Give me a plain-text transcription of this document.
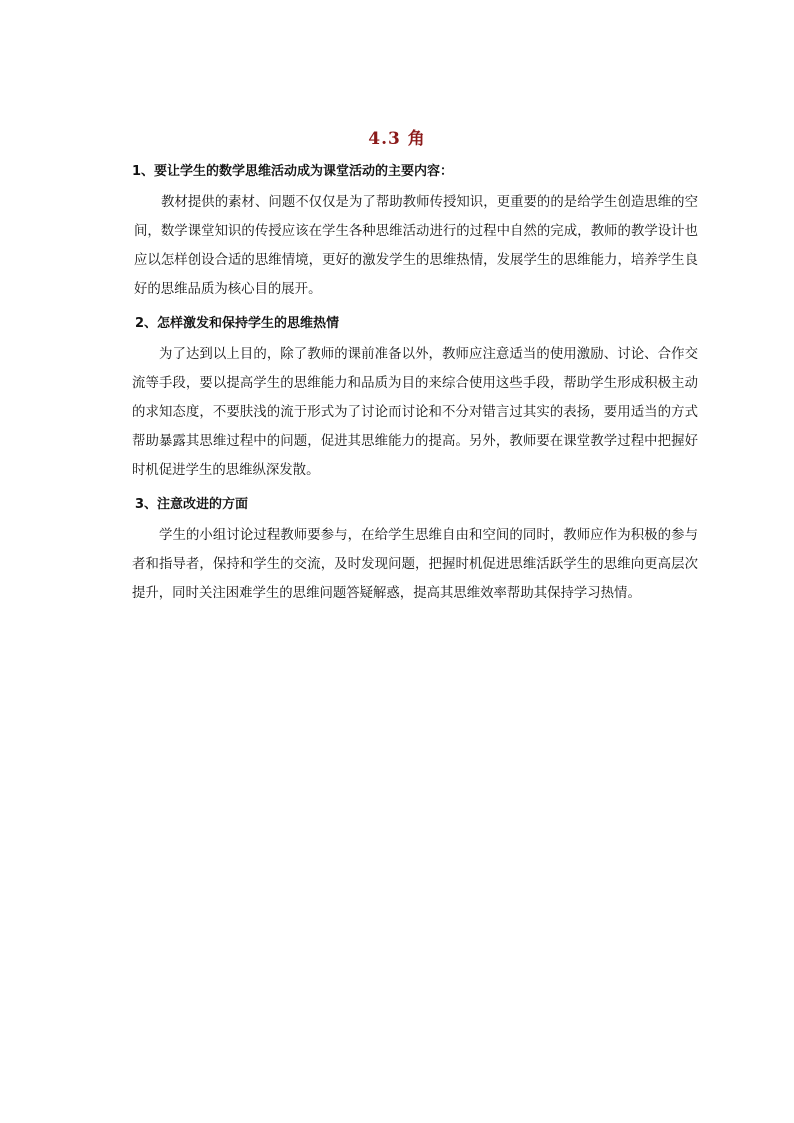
4.3 角
1、要让学生的数学思维活动成为课堂活动的主要内容：

教材提供的素材、问题不仅仅是为了帮助教师传授知识，更重要的的是给学生创造思维的空间，数学课堂知识的传授应该在学生各种思维活动进行的过程中自然的完成，教师的教学设计也应以怎样创设合适的思维情境，更好的激发学生的思维热情，发展学生的思维能力，培养学生良好的思维品质为核心目的展开。

2、怎样激发和保持学生的思维热情

为了达到以上目的，除了教师的课前准备以外，教师应注意适当的使用激励、讨论、合作交流等手段，要以提高学生的思维能力和品质为目的来综合使用这些手段，帮助学生形成积极主动的求知态度，不要肤浅的流于形式为了讨论而讨论和不分对错言过其实的表扬，要用适当的方式帮助暴露其思维过程中的问题，促进其思维能力的提高。另外，教师要在课堂教学过程中把握好时机促进学生的思维纵深发散。

3、注意改进的方面

学生的小组讨论过程教师要参与，在给学生思维自由和空间的同时，教师应作为积极的参与者和指导者，保持和学生的交流，及时发现问题，把握时机促进思维活跃学生的思维向更高层次提升，同时关注困难学生的思维问题答疑解惑，提高其思维效率帮助其保持学习热情。
